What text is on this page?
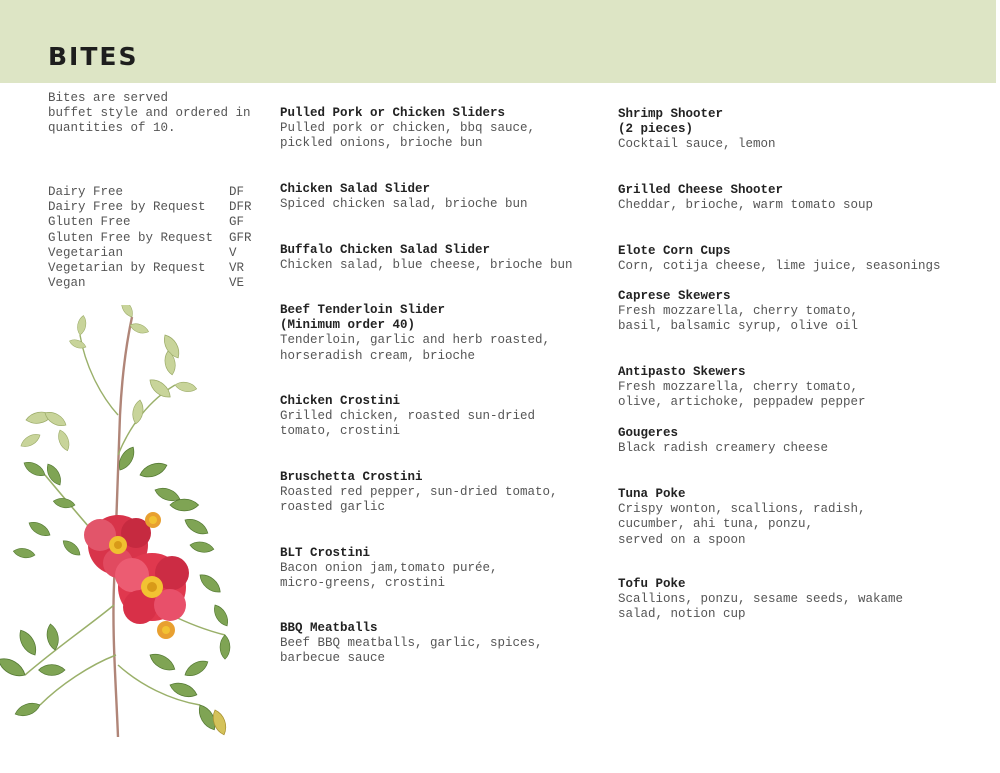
BITES
Bites are served
buffet style and ordered in
quantities of 10.
Dairy Free	DF
Dairy Free by Request DFR
Gluten Free	GF
Gluten Free by Request GFR
Vegetarian	V
Vegetarian by Request VR
Vegan	VE
Pulled Pork or Chicken Sliders
Pulled pork or chicken, bbq sauce,
pickled onions, brioche bun
Chicken Salad Slider
Spiced chicken salad, brioche bun
Buffalo Chicken Salad Slider
Chicken salad, blue cheese, brioche bun
Beef Tenderloin Slider
(Minimum order 40)
Tenderloin, garlic and herb roasted,
horseradish cream, brioche
Chicken Crostini
Grilled chicken, roasted sun-dried
tomato, crostini
Bruschetta Crostini
Roasted red pepper, sun-dried tomato,
roasted garlic
BLT Crostini
Bacon onion jam,tomato purée,
micro-greens, crostini
BBQ Meatballs
Beef BBQ meatballs, garlic, spices,
barbecue sauce
Shrimp Shooter
(2 pieces)
Cocktail sauce, lemon
Grilled Cheese Shooter
Cheddar, brioche, warm tomato soup
Elote Corn Cups
Corn, cotija cheese, lime juice, seasonings
Caprese Skewers
Fresh mozzarella, cherry tomato,
basil, balsamic syrup, olive oil
Antipasto Skewers
Fresh mozzarella, cherry tomato,
olive, artichoke, peppadew pepper
Gougeres
Black radish creamery cheese
Tuna Poke
Crispy wonton, scallions, radish,
cucumber, ahi tuna, ponzu,
served on a spoon
Tofu Poke
Scallions, ponzu, sesame seeds, wakame
salad, notion cup
